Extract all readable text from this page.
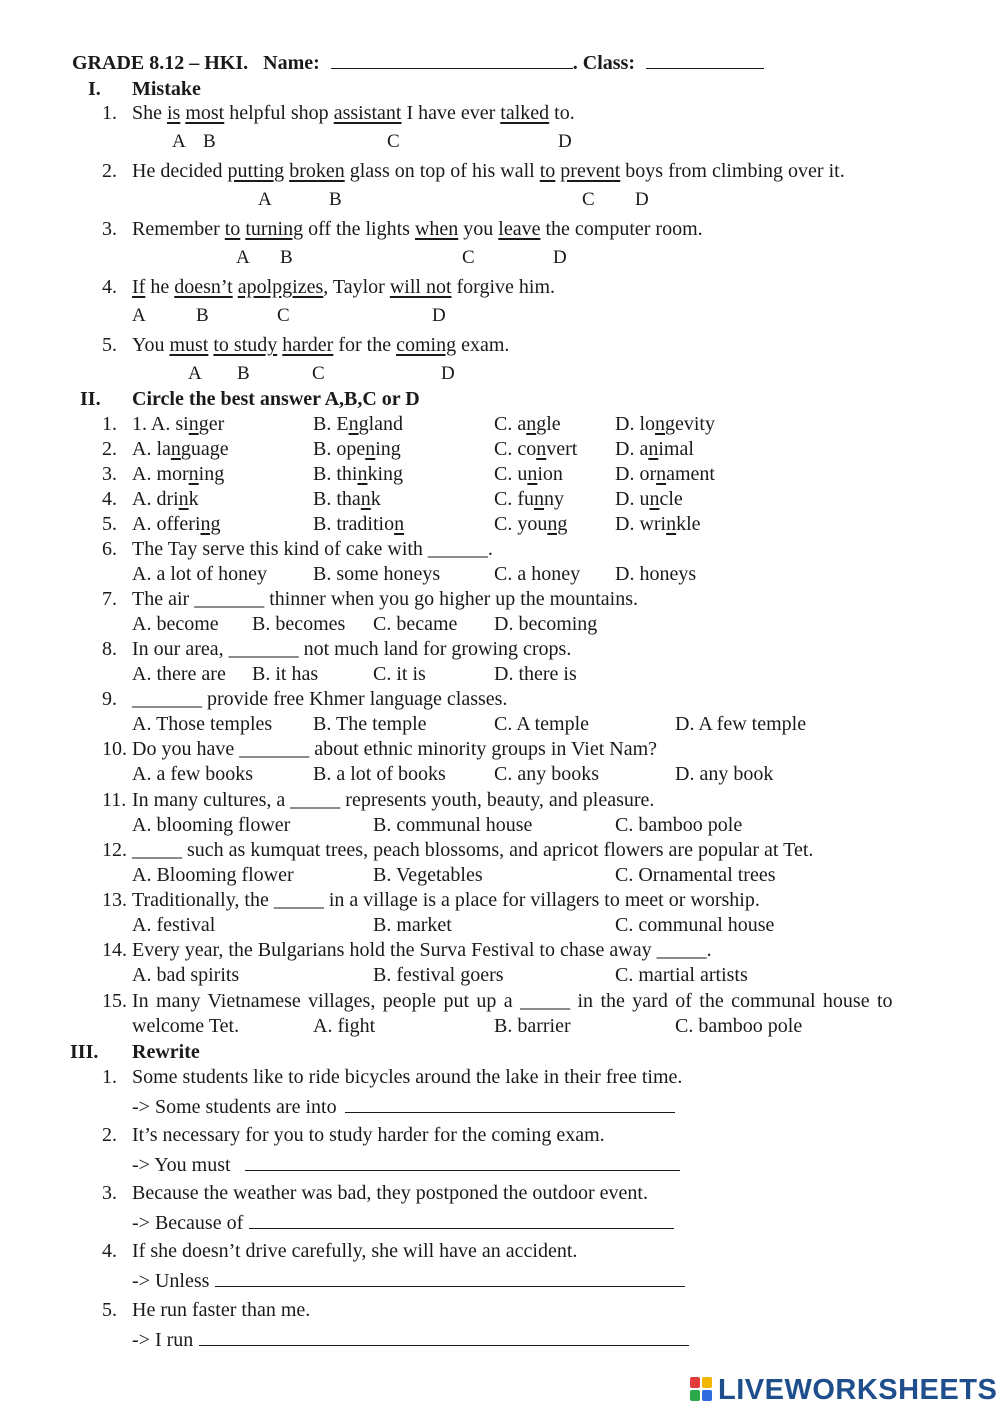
GRADE 8.12 – HKI. Name:	. Class:
I. Mistake
1. She is most helpful shop assistant I have ever talked to.
A B	C	D
2. He decided putting broken glass on top of his wall to prevent boys from climbing over it.
A	B	C D
3. Remember to turning off the lights when you leave the computer room.
A B	C	D
4. If he doesn’t apolpgizes, Taylor will not forgive him.
A	B	C	D
5. You must to study harder for the coming exam.
A B	C	D
II. Circle the best answer A,B,C or D
1. 1. A. singer	B. England	C. angle	D. longevity
2. A. language	B. opening	C. convert D. animal
3. A. morning	B. thinking	C. union	D. ornament
4. A. drink	B. thank	C. funny	D. uncle
5. A. offering	B. tradition	C. young D. wrinkle
6. The Tay serve this kind of cake with ______.
A. a lot of honey B. some honeys	C. a honey D. honeys
7. The air _______ thinner when you go higher up the mountains.
A. become B. becomes C. became D. becoming
8. In our area, _______ not much land for growing crops.
A. there are B. it has	C. it is	D. there is
9. _______ provide free Khmer language classes.
A. Those temples B. The temple	C. A temple	D. A few temple
10. Do you have _______ about ethnic minority groups in Viet Nam?
A. a few books	B. a lot of books C. any books	D. any book
11. In many cultures, a _____ represents youth, beauty, and pleasure.
A. blooming flower	B. communal house	C. bamboo pole
12. _____ such as kumquat trees, peach blossoms, and apricot flowers are popular at Tet.
A. Blooming flower	B. Vegetables	C. Ornamental trees
13. Traditionally, the _____ in a village is a place for villagers to meet or worship.
A. festival	B. market	C. communal house
14. Every year, the Bulgarians hold the Surva Festival to chase away _____.
A. bad spirits	B. festival goers	C. martial artists
15. In many Vietnamese villages, people put up a _____ in the yard of the communal house to
welcome Tet.	A. fight	B. barrier	C. bamboo pole
III. Rewrite
1. Some students like to ride bicycles around the lake in their free time.
-> Some students are into
2. It’s necessary for you to study harder for the coming exam.
-> You must
3. Because the weather was bad, they postponed the outdoor event.
-> Because of
4. If she doesn’t drive carefully, she will have an accident.
-> Unless
5. He run faster than me.
-> I run
LIVEWORKSHEETS
